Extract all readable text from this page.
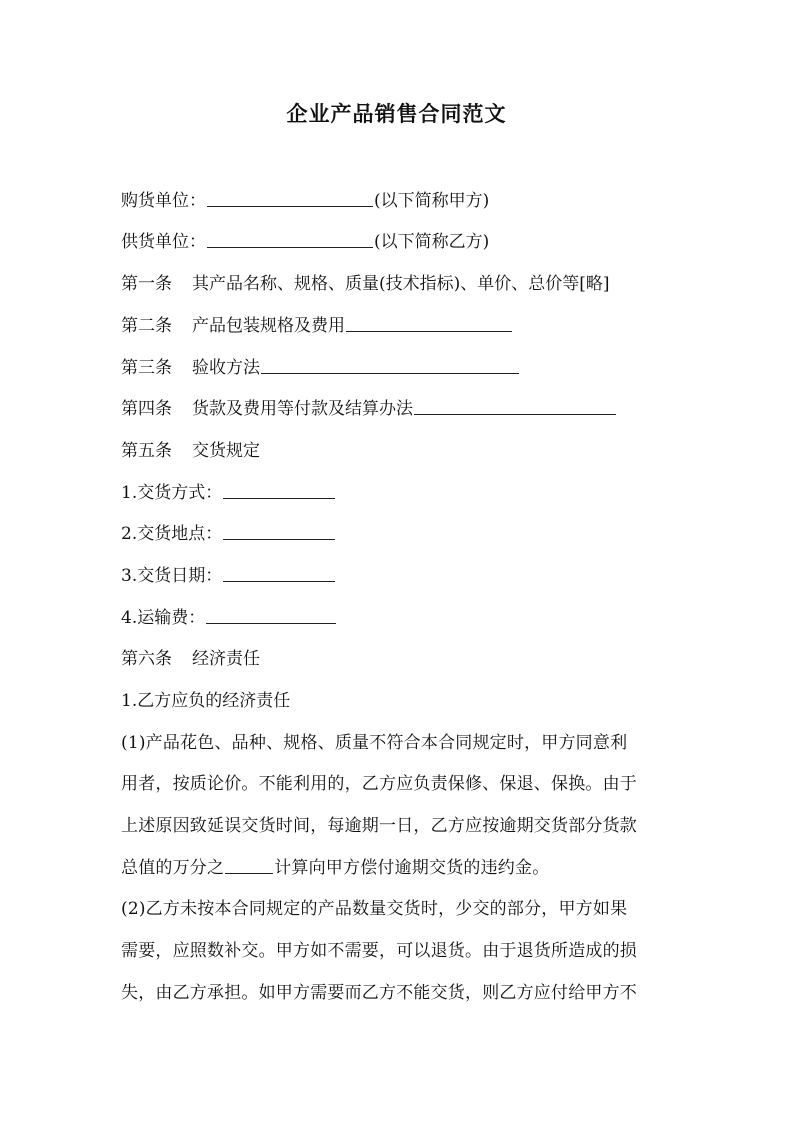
企业产品销售合同范文
购货单位：	(以下简称甲方)
供货单位：	(以下简称乙方)
第一条 其产品名称、规格、质量(技术指标)、单价、总价等[略]
第二条 产品包装规格及费用
第三条 验收方法
第四条 货款及费用等付款及结算办法
第五条 交货规定
1.交货方式：
2.交货地点：
3.交货日期：
4.运输费：
第六条 经济责任
1.乙方应负的经济责任
(1)产品花色、品种、规格、质量不符合本合同规定时，甲方同意利
用者，按质论价。不能利用的，乙方应负责保修、保退、保换。由于
上述原因致延误交货时间，每逾期一日，乙方应按逾期交货部分货款
总值的万分之	计算向甲方偿付逾期交货的违约金。
(2)乙方未按本合同规定的产品数量交货时，少交的部分，甲方如果
需要，应照数补交。甲方如不需要，可以退货。由于退货所造成的损
失，由乙方承担。如甲方需要而乙方不能交货，则乙方应付给甲方不
